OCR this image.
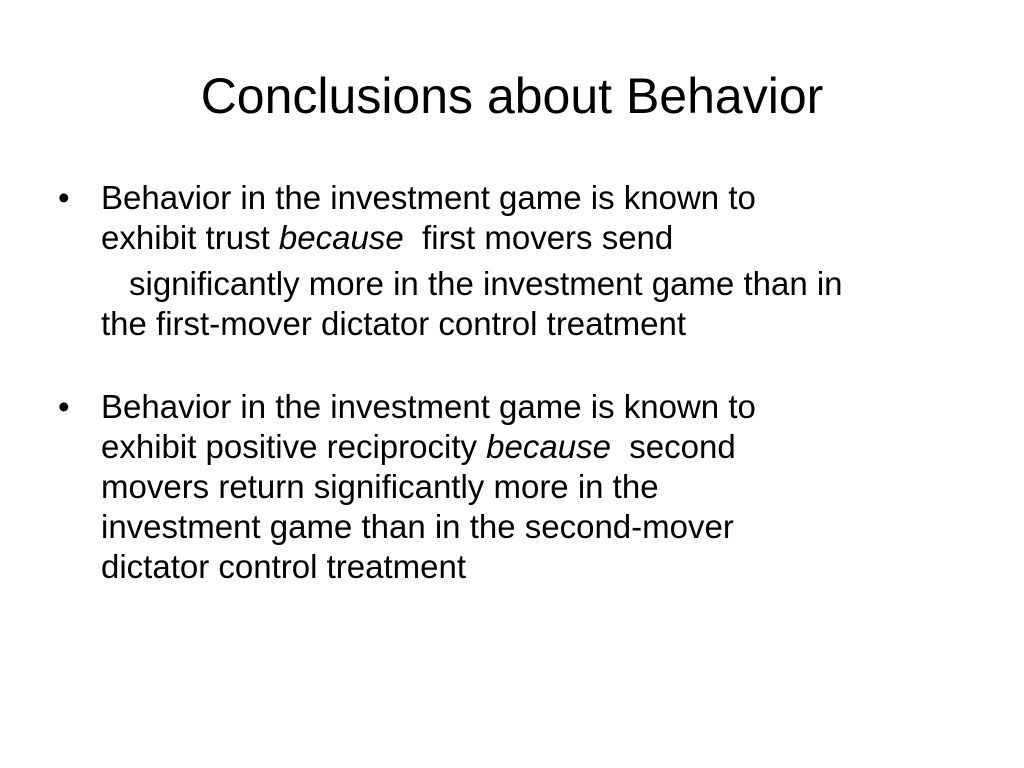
Conclusions about Behavior
• Behavior in the investment game is known to
exhibit trust because  first movers send
significantly more in the investment game than in
the first-mover dictator control treatment
• Behavior in the investment game is known to
exhibit positive reciprocity because  second
movers return significantly more in the
investment game than in the second-mover
dictator control treatment
